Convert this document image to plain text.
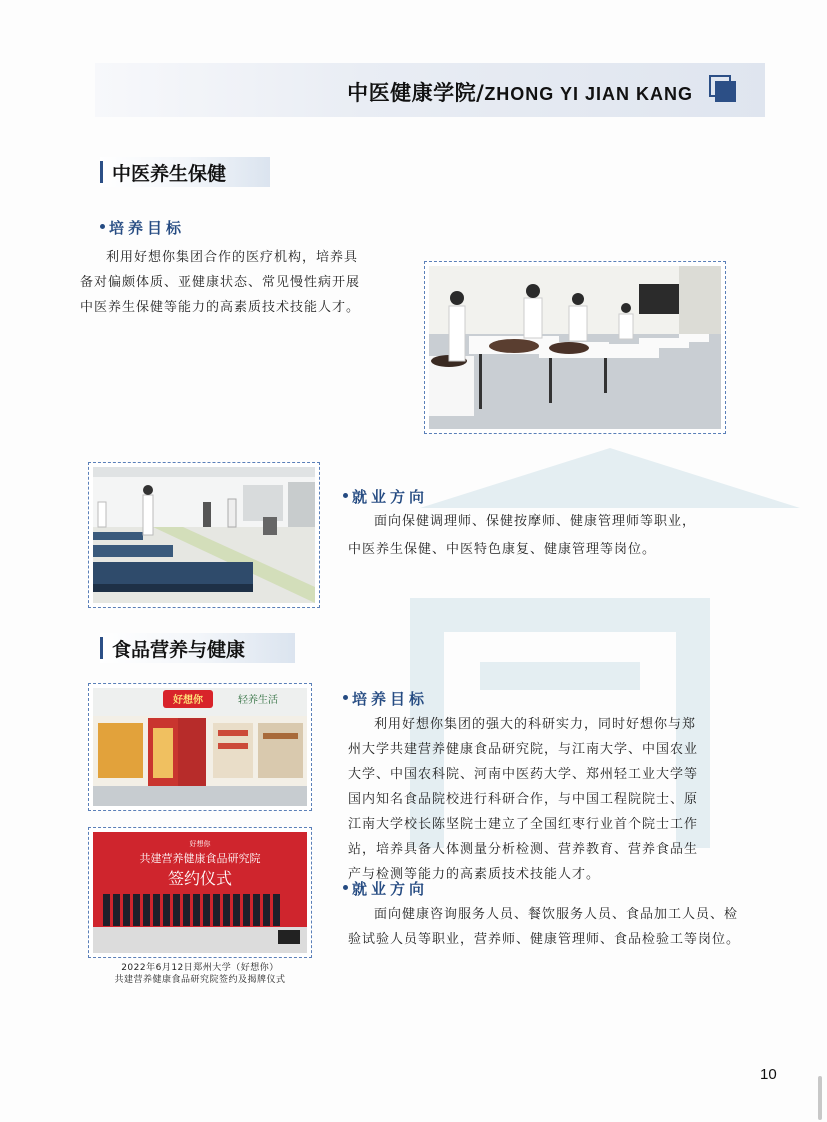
中医健康学院/ZHONG YI JIAN KANG
中医养生保健
培养目标
利用好想你集团合作的医疗机构，培养具
备对偏颇体质、亚健康状态、常见慢性病开展
中医养生保健等能力的高素质技术技能人才。
就业方向
面向保健调理师、保健按摩师、健康管理师等职业，
中医养生保健、中医特色康复、健康管理等岗位。
食品营养与健康
好想你	轻养生活
好想你
共建营养健康食品研究院
签约仪式
2022年6月12日郑州大学（好想你）
共建营养健康食品研究院签约及揭牌仪式
培养目标
利用好想你集团的强大的科研实力，同时好想你与郑
州大学共建营养健康食品研究院，与江南大学、中国农业
大学、中国农科院、河南中医药大学、郑州轻工业大学等
国内知名食品院校进行科研合作，与中国工程院院士、原
江南大学校长陈坚院士建立了全国红枣行业首个院士工作
站，培养具备人体测量分析检测、营养教育、营养食品生
产与检测等能力的高素质技术技能人才。
就业方向
面向健康咨询服务人员、餐饮服务人员、食品加工人员、检
验试验人员等职业，营养师、健康管理师、食品检验工等岗位。
10
